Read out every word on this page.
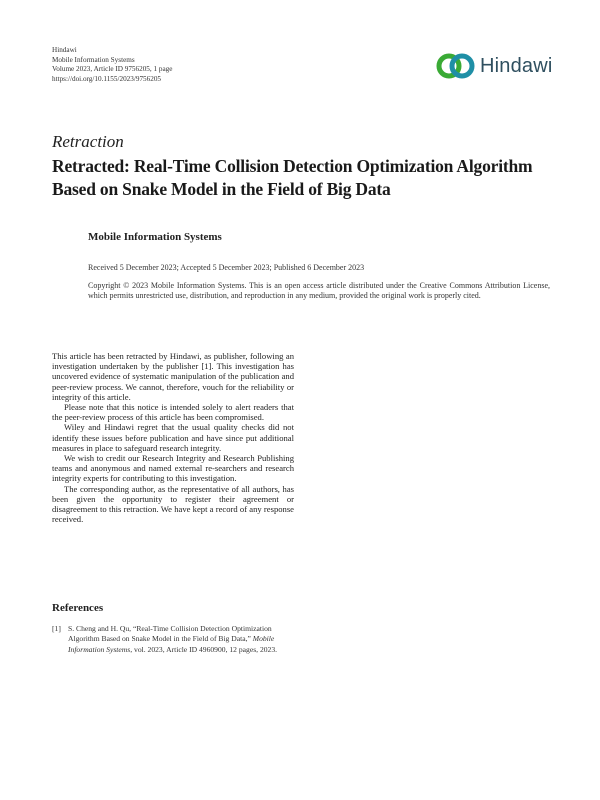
Hindawi
Mobile Information Systems
Volume 2023, Article ID 9756205, 1 page
https://doi.org/10.1155/2023/9756205
Hindawi
Retraction
Retracted: Real-Time Collision Detection Optimization Algorithm Based on Snake Model in the Field of Big Data
Mobile Information Systems
Received 5 December 2023; Accepted 5 December 2023; Published 6 December 2023
Copyright © 2023 Mobile Information Systems. This is an open access article distributed under the Creative Commons Attribution License, which permits unrestricted use, distribution, and reproduction in any medium, provided the original work is properly cited.

This article has been retracted by Hindawi, as publisher, following an investigation undertaken by the publisher [1]. This investigation has uncovered evidence of systematic manipulation of the publication and peer-review process. We cannot, therefore, vouch for the reliability or integrity of this article.

Please note that this notice is intended solely to alert readers that the peer-review process of this article has been compromised.

Wiley and Hindawi regret that the usual quality checks did not identify these issues before publication and have since put additional measures in place to safeguard research integrity.

We wish to credit our Research Integrity and Research Publishing teams and anonymous and named external re-searchers and research integrity experts for contributing to this investigation.

The corresponding author, as the representative of all authors, has been given the opportunity to register their agreement or disagreement to this retraction. We have kept a record of any response received.

References
[1] S. Cheng and H. Qu, “Real-Time Collision Detection Optimization Algorithm Based on Snake Model in the Field of Big Data,” Mobile Information Systems, vol. 2023, Article ID 4960900, 12 pages, 2023.
